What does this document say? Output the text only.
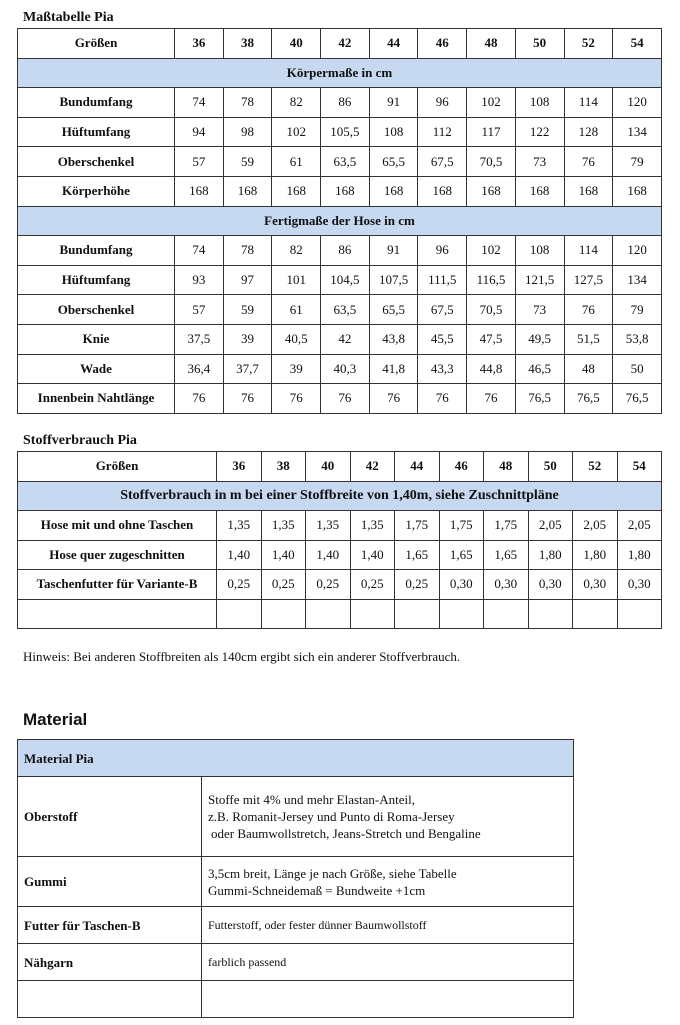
Maßtabelle Pia
Größen	36	38	40	42	44	46	48	50	52	54
Körpermaße in cm										
Bundumfang	74	78	82	86	91	96	102	108	114	120
Hüftumfang	94	98	102	105,5	108	112	117	122	128	134
Oberschenkel	57	59	61	63,5	65,5	67,5	70,5	73	76	79
Körperhöhe	168	168	168	168	168	168	168	168	168	168
Fertigmaße der Hose in cm										
Bundumfang	74	78	82	86	91	96	102	108	114	120
Hüftumfang	93	97	101	104,5	107,5	111,5	116,5	121,5	127,5	134
Oberschenkel	57	59	61	63,5	65,5	67,5	70,5	73	76	79
Knie	37,5	39	40,5	42	43,8	45,5	47,5	49,5	51,5	53,8
Wade	36,4	37,7	39	40,3	41,8	43,3	44,8	46,5	48	50
Innenbein Nahtlänge	76	76	76	76	76	76	76	76,5	76,5	76,5
Stoffverbrauch Pia
Größen	36	38	40	42	44	46	48	50	52	54
Stoffverbrauch in m bei einer Stoffbreite von 1,40m, siehe Zuschnittpläne										
Hose mit und ohne Taschen	1,35	1,35	1,35	1,35	1,75	1,75	1,75	2,05	2,05	2,05
Hose quer zugeschnitten	1,40	1,40	1,40	1,40	1,65	1,65	1,65	1,80	1,80	1,80
Taschenfutter für Variante-B	0,25	0,25	0,25	0,25	0,25	0,30	0,30	0,30	0,30	0,30

Hinweis: Bei anderen Stoffbreiten als 140cm ergibt sich ein anderer Stoffverbrauch.
Material
Material Pia	
Oberstoff	Stoffe mit 4% und mehr Elastan-Anteil,
z.B. Romanit-Jersey und Punto di Roma-Jersey
oder Baumwollstretch, Jeans-Stretch und Bengaline

Gummi	3,5cm breit, Länge je nach Größe, siehe Tabelle
Gummi-Schneidemaß = Bundweite +1cm

Futter für Taschen-B	Futterstoff, oder fester dünner Baumwollstoff

Nähgarn	farblich passend
